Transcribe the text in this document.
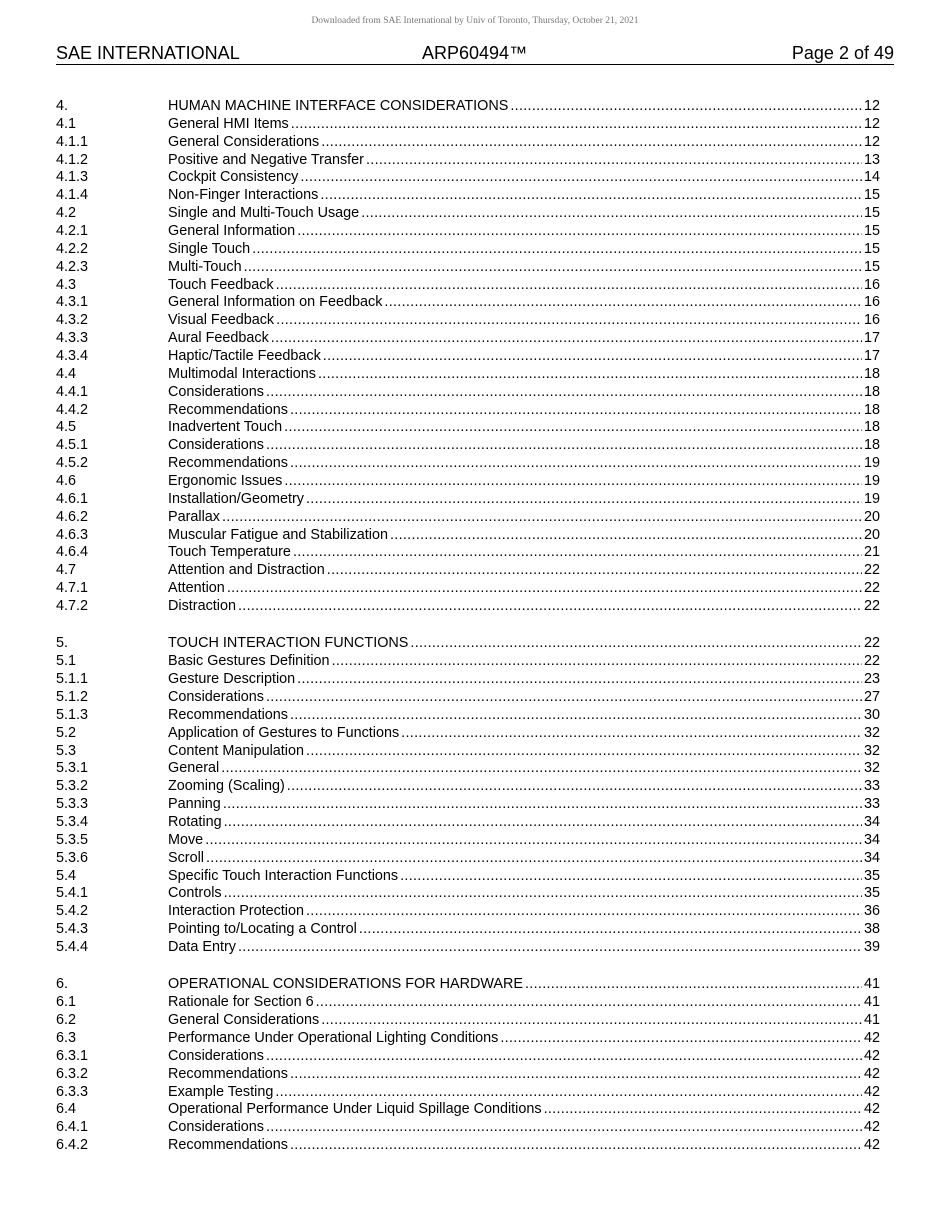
Downloaded from SAE International by Univ of Toronto, Thursday, October 21, 2021
SAE INTERNATIONAL	ARP60494™	Page 2 of 49
4.	HUMAN MACHINE INTERFACE CONSIDERATIONS .....	12
4.1	General HMI Items .....	12
4.1.1	General Considerations .....	12
4.1.2	Positive and Negative Transfer .....	13
4.1.3	Cockpit Consistency .....	14
4.1.4	Non-Finger Interactions .....	15
4.2	Single and Multi-Touch Usage .....	15
4.2.1	General Information .....	15
4.2.2	Single Touch .....	15
4.2.3	Multi-Touch .....	15
4.3	Touch Feedback .....	16
4.3.1	General Information on Feedback .....	16
4.3.2	Visual Feedback .....	16
4.3.3	Aural Feedback .....	17
4.3.4	Haptic/Tactile Feedback .....	17
4.4	Multimodal Interactions .....	18
4.4.1	Considerations .....	18
4.4.2	Recommendations .....	18
4.5	Inadvertent Touch .....	18
4.5.1	Considerations .....	18
4.5.2	Recommendations .....	19
4.6	Ergonomic Issues .....	19
4.6.1	Installation/Geometry .....	19
4.6.2	Parallax .....	20
4.6.3	Muscular Fatigue and Stabilization .....	20
4.6.4	Touch Temperature .....	21
4.7	Attention and Distraction .....	22
4.7.1	Attention .....	22
4.7.2	Distraction .....	22
5.	TOUCH INTERACTION FUNCTIONS .....	22
5.1	Basic Gestures Definition .....	22
5.1.1	Gesture Description .....	23
5.1.2	Considerations .....	27
5.1.3	Recommendations .....	30
5.2	Application of Gestures to Functions .....	32
5.3	Content Manipulation .....	32
5.3.1	General .....	32
5.3.2	Zooming (Scaling) .....	33
5.3.3	Panning .....	33
5.3.4	Rotating .....	34
5.3.5	Move .....	34
5.3.6	Scroll .....	34
5.4	Specific Touch Interaction Functions .....	35
5.4.1	Controls .....	35
5.4.2	Interaction Protection .....	36
5.4.3	Pointing to/Locating a Control .....	38
5.4.4	Data Entry .....	39
6.	OPERATIONAL CONSIDERATIONS FOR HARDWARE .....	41
6.1	Rationale for Section 6 .....	41
6.2	General Considerations .....	41
6.3	Performance Under Operational Lighting Conditions .....	42
6.3.1	Considerations .....	42
6.3.2	Recommendations .....	42
6.3.3	Example Testing .....	42
6.4	Operational Performance Under Liquid Spillage Conditions .....	42
6.4.1	Considerations .....	42
6.4.2	Recommendations .....	42
